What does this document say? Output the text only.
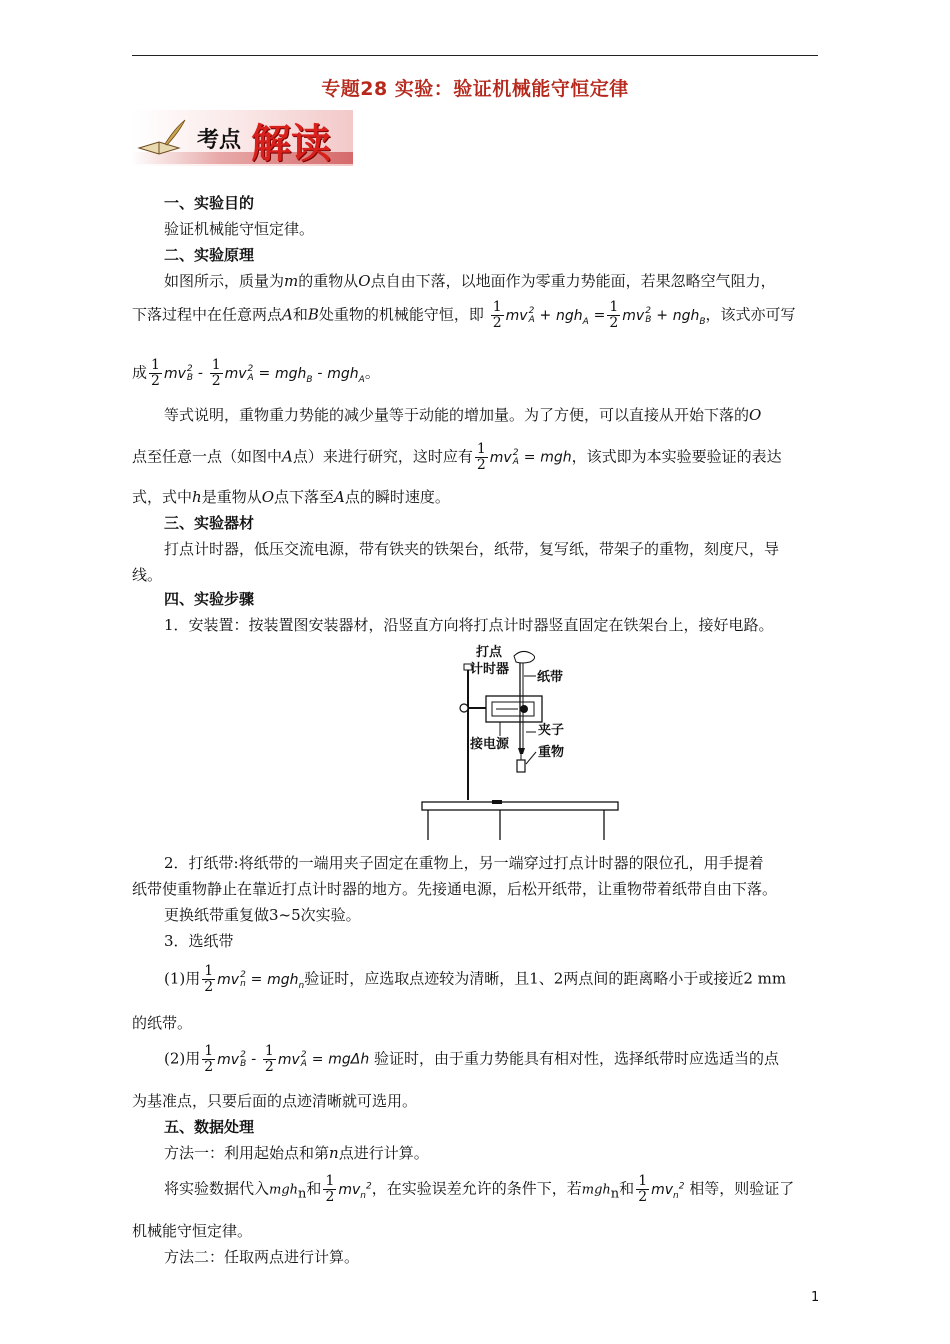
专题28 实验：验证机械能守恒定律
考点 解读
一、实验目的
验证机械能守恒定律。
二、实验原理
如图所示，质量为m的重物从O点自由下落，以地面作为零重力势能面，若果忽略空气阻力，
下落过程中在任意两点A和B处重物的机械能守恒，即 $\frac{1}{2}$ mv 2
$A + ngh_A = \frac{1}{2}$ mv 2
B + ngh$_B$，该式亦可写
成 $\frac{1}{2}$ mv 2
B - $\frac{1}{2}$ mv 2
A = mgh$_B$ - mgh$_A$。
等式说明，重物重力势能的减少量等于动能的增加量。为了方便，可以直接从开始下落的O
点至任意一点（如图中A点）来进行研究，这时应有 $\frac{1}{2}$ mv 2
A = mgh，该式即为本实验要验证的表达
式，式中h是重物从O点下落至A点的瞬时速度。
三、实验器材
打点计时器，低压交流电源，带有铁夹的铁架台，纸带，复写纸，带架子的重物，刻度尺，导
线。
四、实验步骤
1．安装置：按装置图安装器材，沿竖直方向将打点计时器竖直固定在铁架台上，接好电路。
打点
计时器
纸带
夹子
接电源
重物
2．打纸带:将纸带的一端用夹子固定在重物上，另一端穿过打点计时器的限位孔，用手提着
纸带使重物静止在靠近打点计时器的地方。先接通电源，后松开纸带，让重物带着纸带自由下落。
更换纸带重复做3~5次实验。
3．选纸带
(1)用 $\frac{1}{2}$ mv 2
n = mgh$_n$验证时，应选取点迹较为清晰，且1、2两点间的距离略小于或接近2 mm
的纸带。
(2)用 $\frac{1}{2}$ mv 2
B - $\frac{1}{2}$ mv 2
A = mgΔh 验证时，由于重力势能具有相对性，选择纸带时应选适当的点
为基准点，只要后面的点迹清晰就可选用。
五、数据处理
方法一：利用起始点和第n点进行计算。
将实验数据代入mgh$_n$和 $\frac{1}{2} mv_n^2$，在实验误差允许的条件下，若mgh$_n$和 $\frac{1}{2} mv_n^2$ 相等，则验证了
机械能守恒定律。
方法二：任取两点进行计算。
1
